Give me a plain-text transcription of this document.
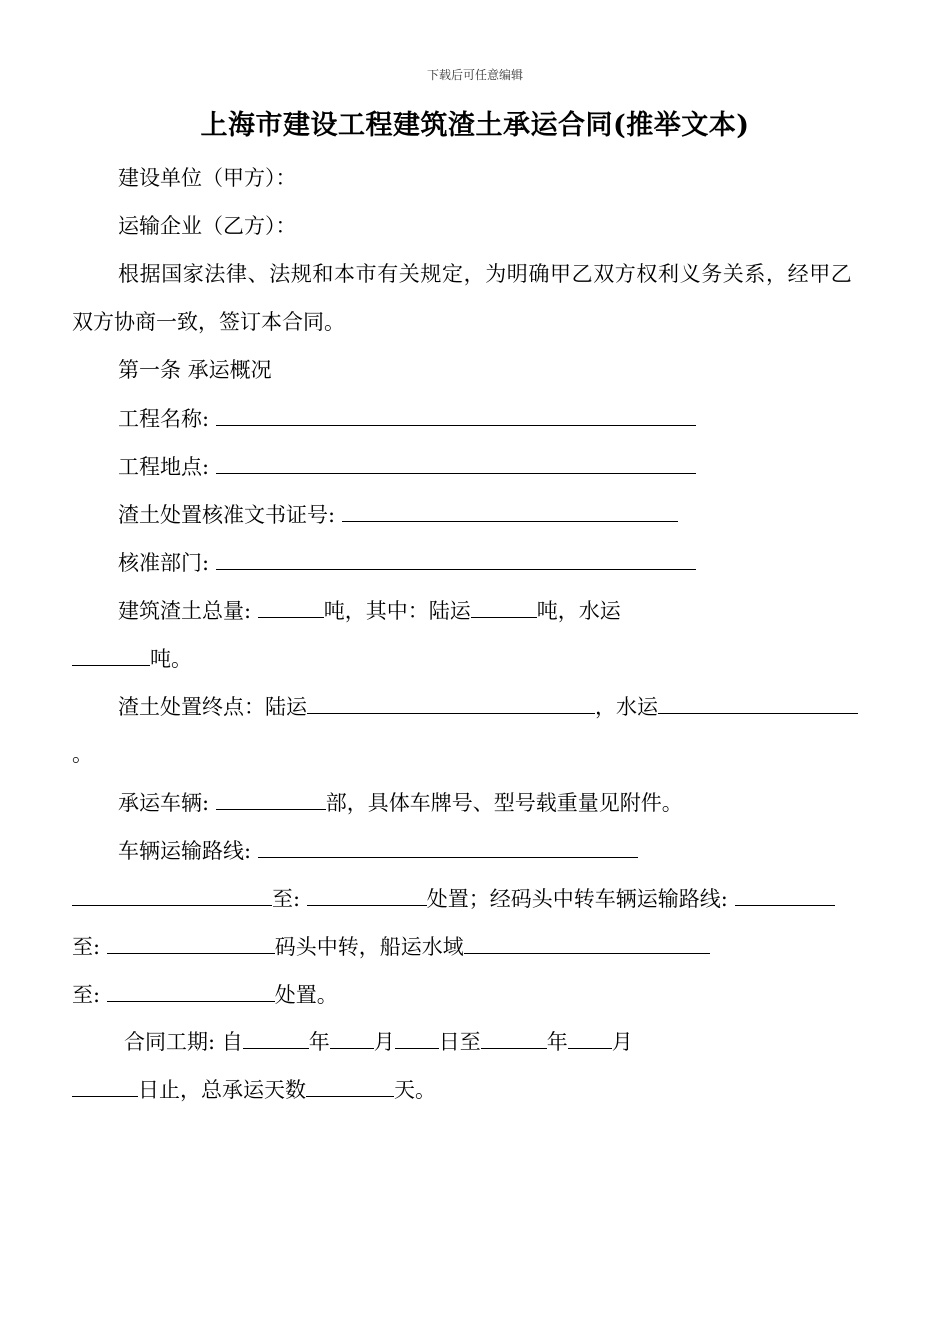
下载后可任意编辑
上海市建设工程建筑渣土承运合同(推举文本)
建设单位（甲方）：
运输企业（乙方）：
根据国家法律、法规和本市有关规定，为明确甲乙双方权利义务关系，经甲乙
双方协商一致，签订本合同。
第一条 承运概况
工程名称:
工程地点:
渣土处置核准文书证号:
核准部门:
建筑渣土总量:	吨，其中：陆运	吨，水运
吨。
渣土处置终点：陆运	，水运
。
承运车辆:	部，具体车牌号、型号载重量见附件。
车辆运输路线:
至:	处置；经码头中转车辆运输路线:
至:	码头中转，船运水域
至:	处置。
合同工期: 自	年 月 日至	年 月
日止，总承运天数	天。
